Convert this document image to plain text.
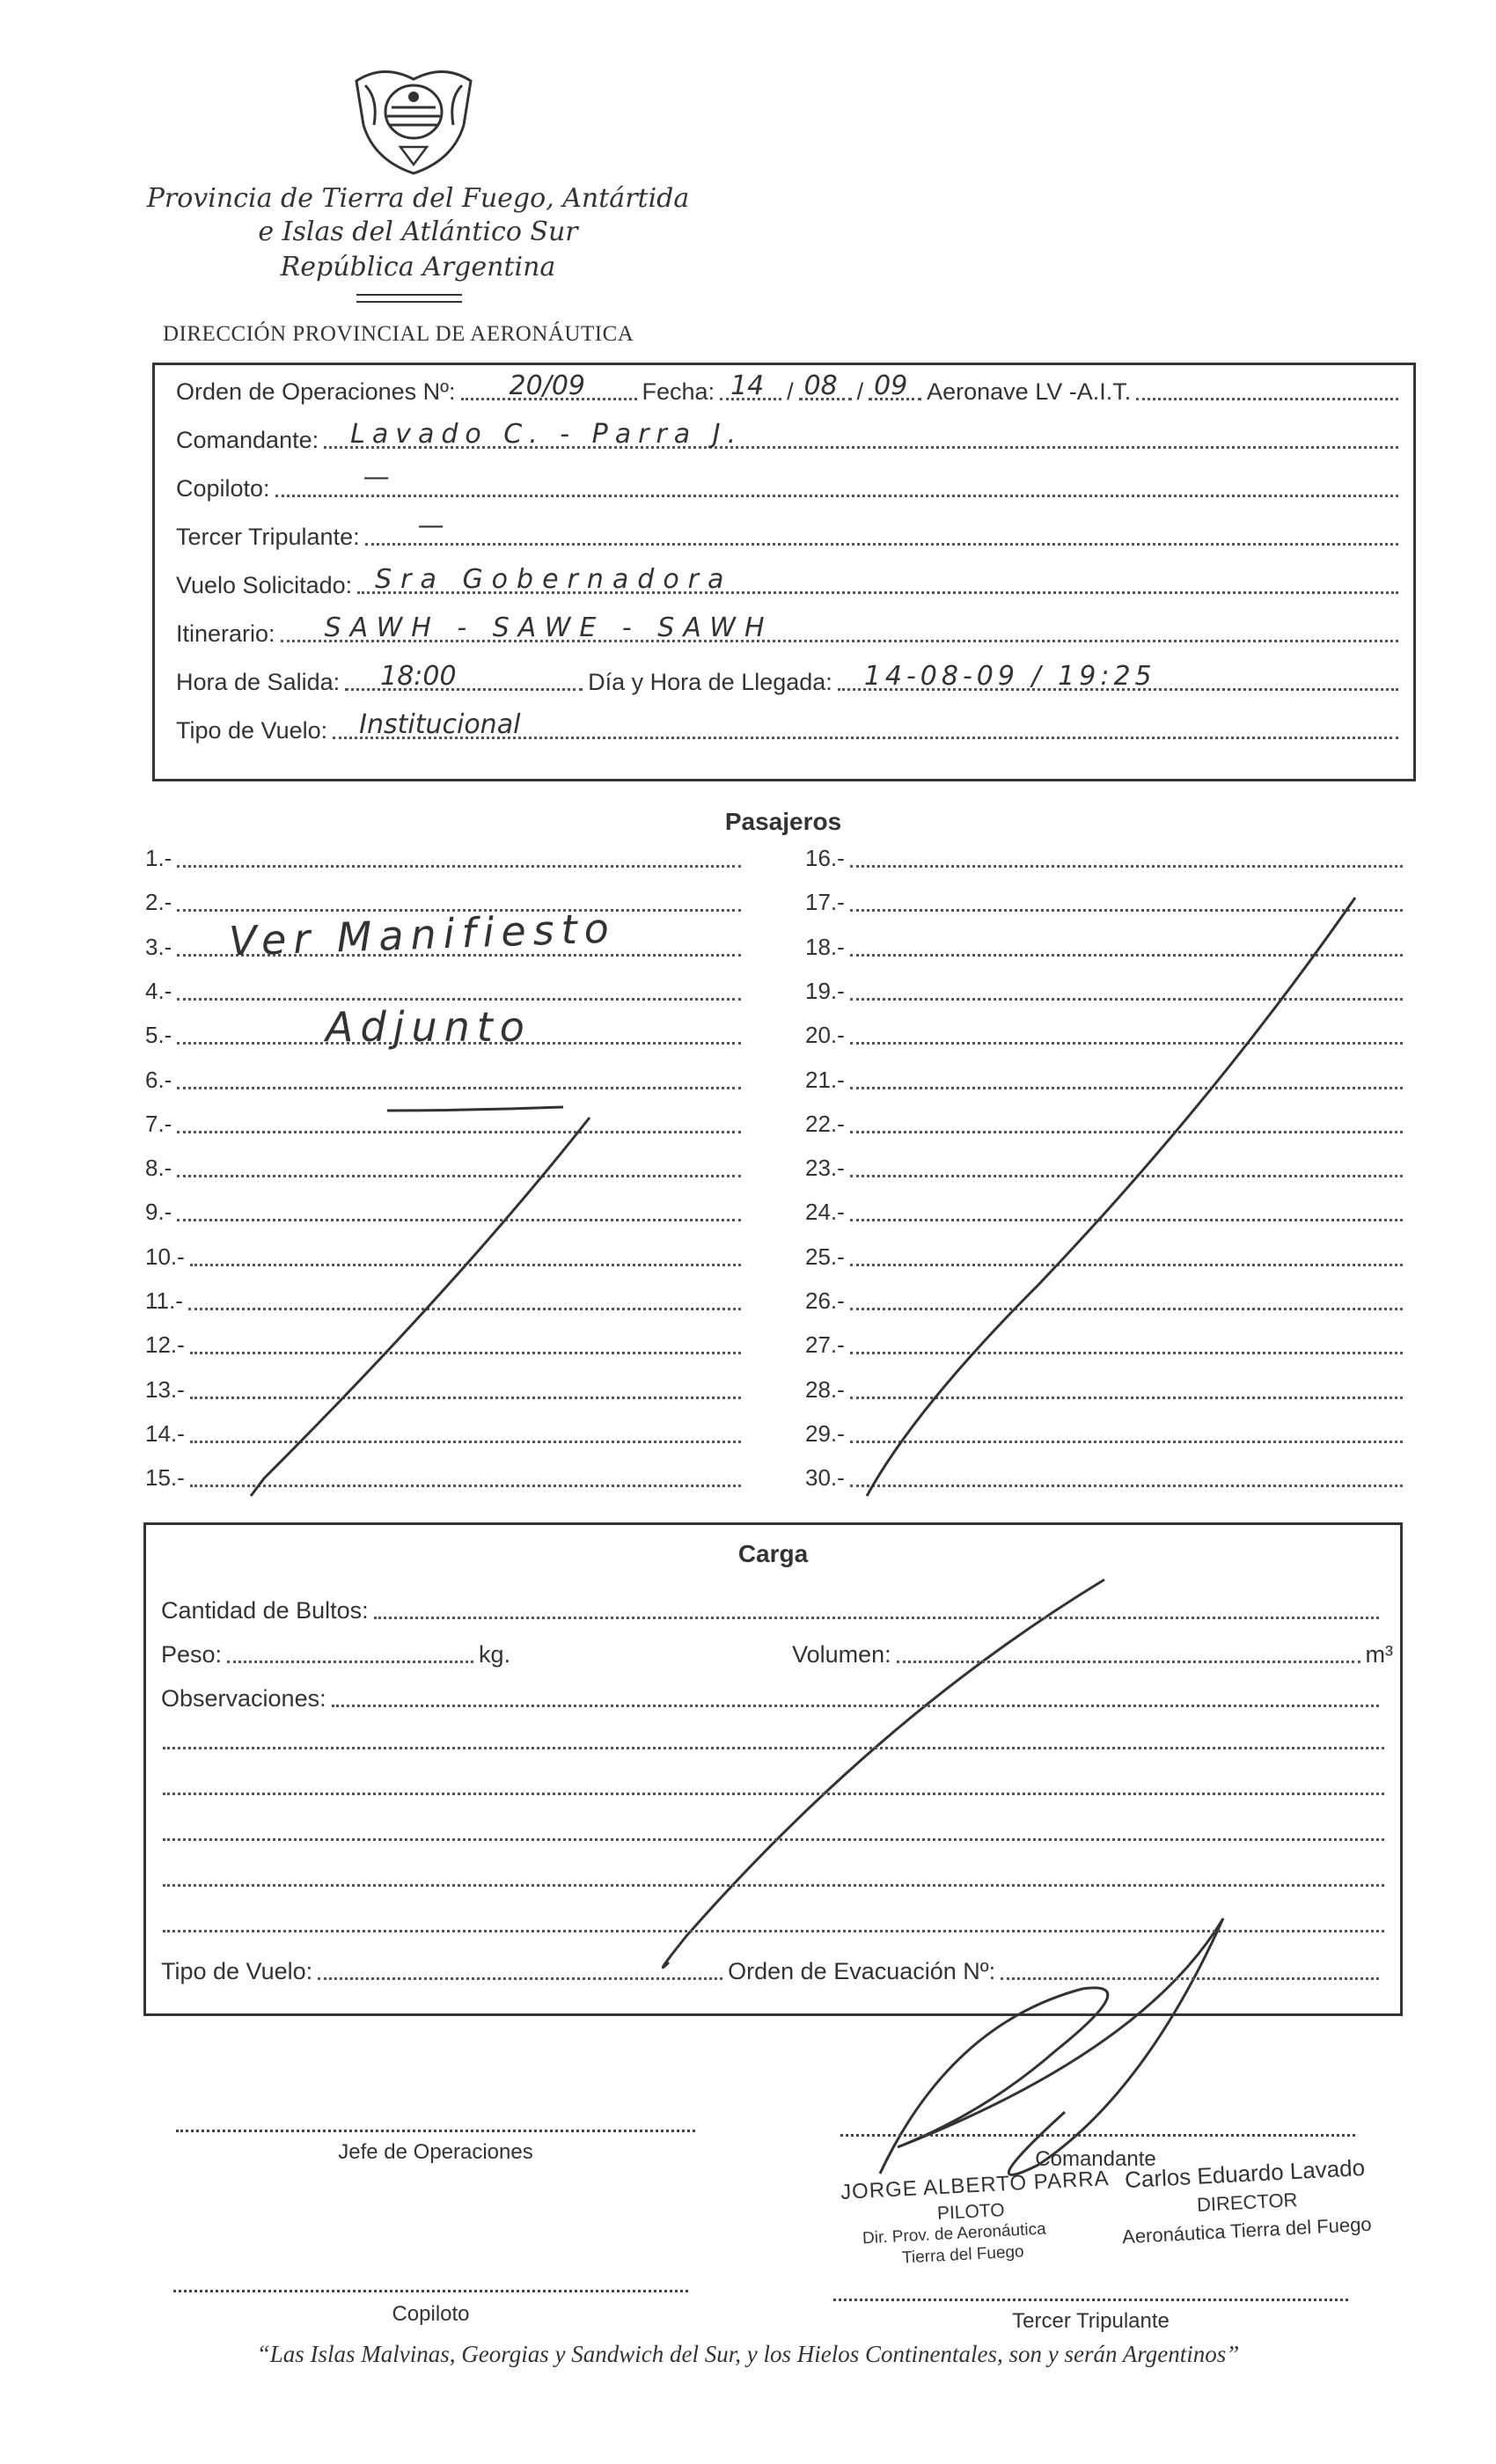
Provincia de Tierra del Fuego, Antártida
e Islas del Atlántico Sur
República Argentina
DIRECCIÓN PROVINCIAL DE AERONÁUTICA
Orden de Operaciones Nº: 20/09 Fecha: 14 / 08 / 09 Aeronave LV -A.I.T.
Comandante: Lavado C. - Parra J.
Copiloto:	—
Tercer Tripulante: —
Vuelo Solicitado: Sra Gobernadora
Itinerario: SAWH - SAWE - SAWH
Hora de Salida: 18:00	Día y Hora de Llegada: 14-08-09 / 19:25
Tipo de Vuelo: Institucional
Pasajeros
1.-
2.-
3.-
4.-
5.-
6.-
7.-
8.-
9.-
10.-
11.-
12.-
13.-
14.-
15.-
16.-
17.-
18.-
19.-
20.-
21.-
22.-
23.-
24.-
25.-
26.-
27.-
28.-
29.-
30.-
Ver Manifiesto
Adjunto
Carga
Cantidad de Bultos:
Peso:	kg.	Volumen:	m³
Observaciones:
Tipo de Vuelo:	Orden de Evacuación Nº:
Jefe de Operaciones	Comandante
JORGE ALBERTO PARRA
PILOTO
Dir. Prov. de Aeronáutica
Tierra del Fuego
Carlos Eduardo Lavado
DIRECTOR
Aeronáutica Tierra del Fuego
Copiloto	Tercer Tripulante
“Las Islas Malvinas, Georgias y Sandwich del Sur, y los Hielos Continentales, son y serán Argentinos”
